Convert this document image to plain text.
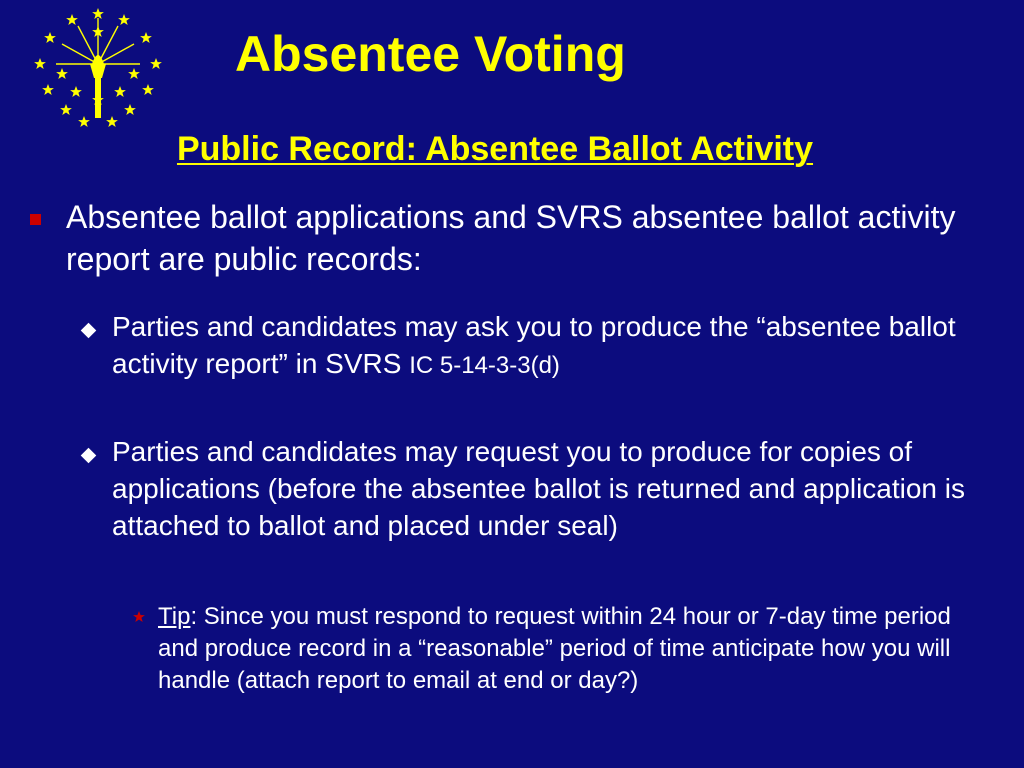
Absentee Voting
Public Record: Absentee Ballot Activity

Absentee ballot applications and SVRS absentee ballot activity report are public records:

Parties and candidates may ask you to produce the “absentee ballot activity report” in SVRS IC 5-14-3-3(d)

Parties and candidates may request you to produce for copies of applications (before the absentee ballot is returned and application is attached to ballot and placed under seal)

Tip: Since you must respond to request within 24 hour or 7-day time period and produce record in a “reasonable” period of time anticipate how you will handle (attach report to email at end or day?)
